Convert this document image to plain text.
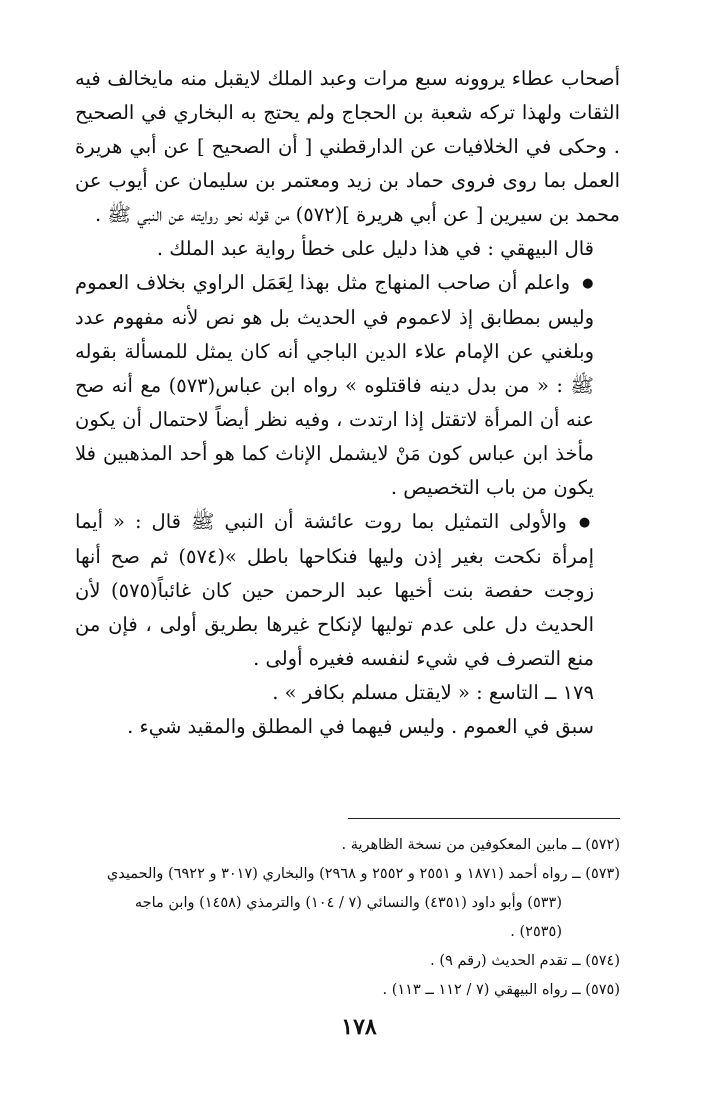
أصحاب عطاء يروونه سبع مرات وعبد الملك لايقبل منه مايخالف فيه الثقات ولهذا تركه شعبة بن الحجاج ولم يحتج به البخاري في الصحيح . وحكى في الخلافيات عن الدارقطني [ أن الصحيح ] عن أبي هريرة العمل بما روى فروى حماد بن زيد ومعتمر بن سليمان عن أيوب عن محمد بن سيرين [ عن أبي هريرة ](٥٧٢) من قوله نحو روايته عن النبي ﷺ .

قال البيهقي : في هذا دليل على خطأ رواية عبد الملك .

● واعلم أن صاحب المنهاج مثل بهذا لِعَمَل الراوي بخلاف العموم وليس بمطابق إذ لاعموم في الحديث بل هو نص لأنه مفهوم عدد وبلغني عن الإمام علاء الدين الباجي أنه كان يمثل للمسألة بقوله ﷺ : « من بدل دينه فاقتلوه » رواه ابن عباس(٥٧٣) مع أنه صح عنه أن المرأة لاتقتل إذا ارتدت ، وفيه نظر أيضاً لاحتمال أن يكون مأخذ ابن عباس كون مَنْ لايشمل الإناث كما هو أحد المذهبين فلا يكون من باب التخصيص .

● والأولى التمثيل بما روت عائشة أن النبي ﷺ قال : « أيما إمرأة نكحت بغير إذن وليها فنكاحها باطل »(٥٧٤) ثم صح أنها زوجت حفصة بنت أخيها عبد الرحمن حين كان غائباً(٥٧٥) لأن الحديث دل على عدم توليها لإنكاح غيرها بطريق أولى ، فإن من منع التصرف في شيء لنفسه فغيره أولى .

١٧٩ ــ التاسع : « لايقتل مسلم بكافر » .

سبق في العموم . وليس فيهما في المطلق والمقيد شيء .

(٥٧٢) ــ مابين المعكوفين من نسخة الظاهرية .

(٥٧٣) ــ رواه أحمد (١٨٧١ و ٢٥٥١ و ٢٥٥٢ و ٢٩٦٨) والبخاري (٣٠١٧ و ٦٩٢٢) والحميدي

(٥٣٣) وأبو داود (٤٣٥١) والنسائي (٧ / ١٠٤) والترمذي (١٤٥٨) وابن ماجه

(٢٥٣٥) .

(٥٧٤) ــ تقدم الحديث (رقم ٩) .

(٥٧٥) ــ رواه البيهقي (٧ / ١١٢ ــ ١١٣) .

١٧٨
